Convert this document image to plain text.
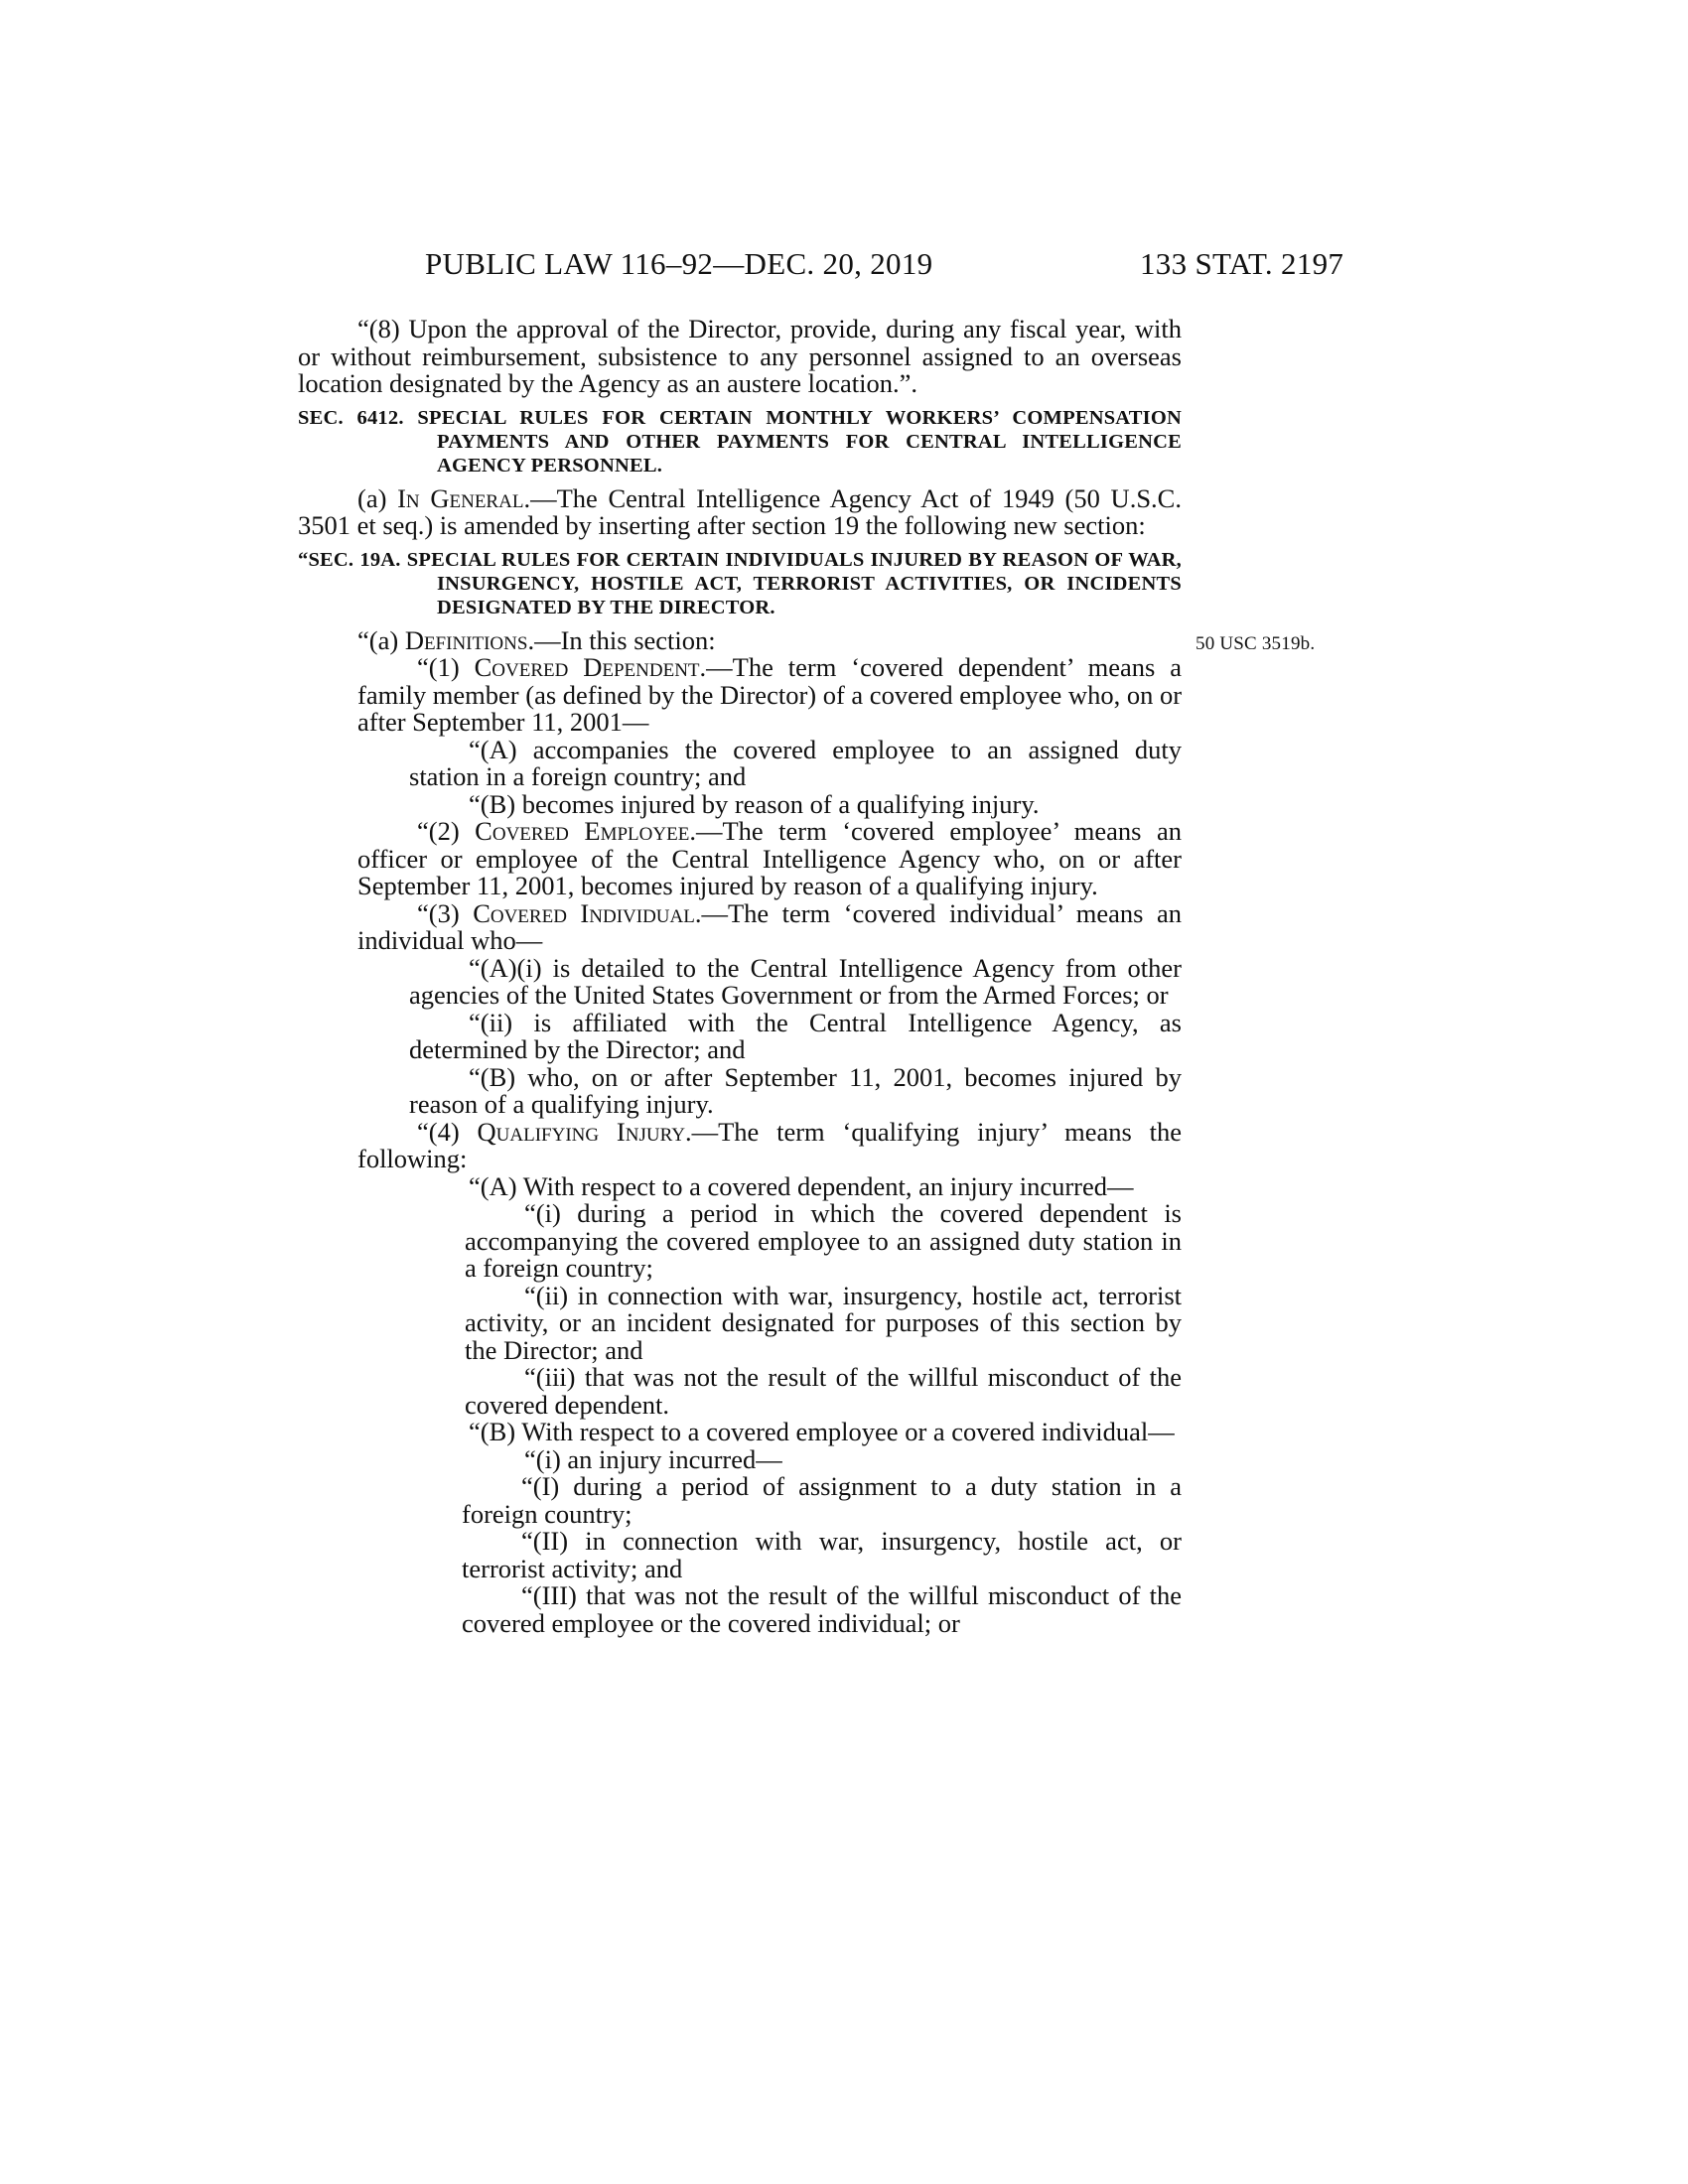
PUBLIC LAW 116–92—DEC. 20, 2019	133 STAT. 2197
50 USC 3519b.

“(8) Upon the approval of the Director, provide, during any fiscal year, with or without reimbursement, subsistence to any personnel assigned to an overseas location designated by the Agency as an austere location.”.

SEC. 6412. SPECIAL RULES FOR CERTAIN MONTHLY WORKERS’ COMPENSATION PAYMENTS AND OTHER PAYMENTS FOR CENTRAL INTELLIGENCE AGENCY PERSONNEL.

(a) In General.—The Central Intelligence Agency Act of 1949 (50 U.S.C. 3501 et seq.) is amended by inserting after section 19 the following new section:

“SEC. 19A. SPECIAL RULES FOR CERTAIN INDIVIDUALS INJURED BY REASON OF WAR, INSURGENCY, HOSTILE ACT, TERRORIST ACTIVITIES, OR INCIDENTS DESIGNATED BY THE DIRECTOR.

“(a) Definitions.—In this section:

“(1) Covered Dependent.—The term ‘covered dependent’ means a family member (as defined by the Director) of a covered employee who, on or after September 11, 2001—

“(A) accompanies the covered employee to an assigned duty station in a foreign country; and

“(B) becomes injured by reason of a qualifying injury.

“(2) Covered Employee.—The term ‘covered employee’ means an officer or employee of the Central Intelligence Agency who, on or after September 11, 2001, becomes injured by reason of a qualifying injury.

“(3) Covered Individual.—The term ‘covered individual’ means an individual who—

“(A)(i) is detailed to the Central Intelligence Agency from other agencies of the United States Government or from the Armed Forces; or

“(ii) is affiliated with the Central Intelligence Agency, as determined by the Director; and

“(B) who, on or after September 11, 2001, becomes injured by reason of a qualifying injury.

“(4) Qualifying Injury.—The term ‘qualifying injury’ means the following:

“(A) With respect to a covered dependent, an injury incurred—

“(i) during a period in which the covered dependent is accompanying the covered employee to an assigned duty station in a foreign country;

“(ii) in connection with war, insurgency, hostile act, terrorist activity, or an incident designated for purposes of this section by the Director; and

“(iii) that was not the result of the willful misconduct of the covered dependent.

“(B) With respect to a covered employee or a covered individual—

“(i) an injury incurred—

“(I) during a period of assignment to a duty station in a foreign country;

“(II) in connection with war, insurgency, hostile act, or terrorist activity; and

“(III) that was not the result of the willful misconduct of the covered employee or the covered individual; or
